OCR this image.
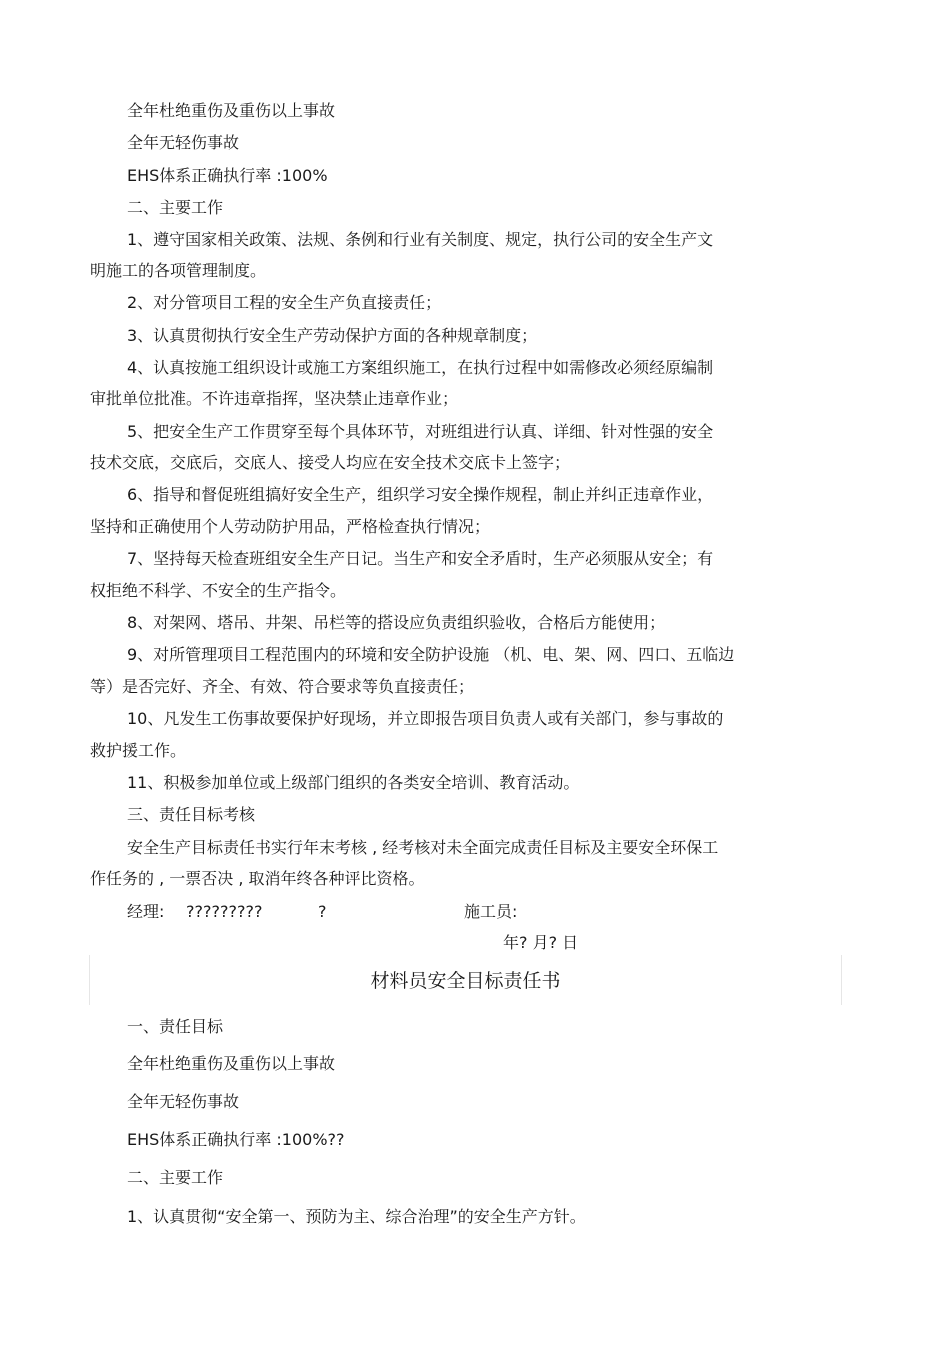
全年杜绝重伤及重伤以上事故
全年无轻伤事故
EHS体系正确执行率 :100%
二、主要工作
1、遵守国家相关政策、法规、条例和行业有关制度、规定，执行公司的安全生产文
明施工的各项管理制度。
2、对分管项目工程的安全生产负直接责任；
3、认真贯彻执行安全生产劳动保护方面的各种规章制度；
4、认真按施工组织设计或施工方案组织施工，在执行过程中如需修改必须经原编制
审批单位批准。不许违章指挥，坚决禁止违章作业；
5、把安全生产工作贯穿至每个具体环节，对班组进行认真、详细、针对性强的安全
技术交底，交底后，交底人、接受人均应在安全技术交底卡上签字；
6、指导和督促班组搞好安全生产，组织学习安全操作规程，制止并纠正违章作业，
坚持和正确使用个人劳动防护用品，严格检查执行情况；
7、坚持每天检查班组安全生产日记。当生产和安全矛盾时，生产必须服从安全；有
权拒绝不科学、不安全的生产指令。
8、对架网、塔吊、井架、吊栏等的搭设应负责组织验收，合格后方能使用；
9、对所管理项目工程范围内的环境和安全防护设施 （机、电、架、网、四口、五临边
等）是否完好、齐全、有效、符合要求等负直接责任；
10、凡发生工伤事故要保护好现场，并立即报告项目负责人或有关部门，参与事故的
救护援工作。
11、积极参加单位或上级部门组织的各类安全培训、教育活动。
三、责任目标考核
安全生产目标责任书实行年末考核 , 经考核对未全面完成责任目标及主要安全环保工
作任务的 , 一票否决 , 取消年终各种评比资格。
经理: ?????????	?	施工员:
年? 月? 日
材料员安全目标责任书
一、责任目标
全年杜绝重伤及重伤以上事故
全年无轻伤事故
EHS体系正确执行率 :100%??
二、主要工作
1、认真贯彻“安全第一、预防为主、综合治理”的安全生产方针。
